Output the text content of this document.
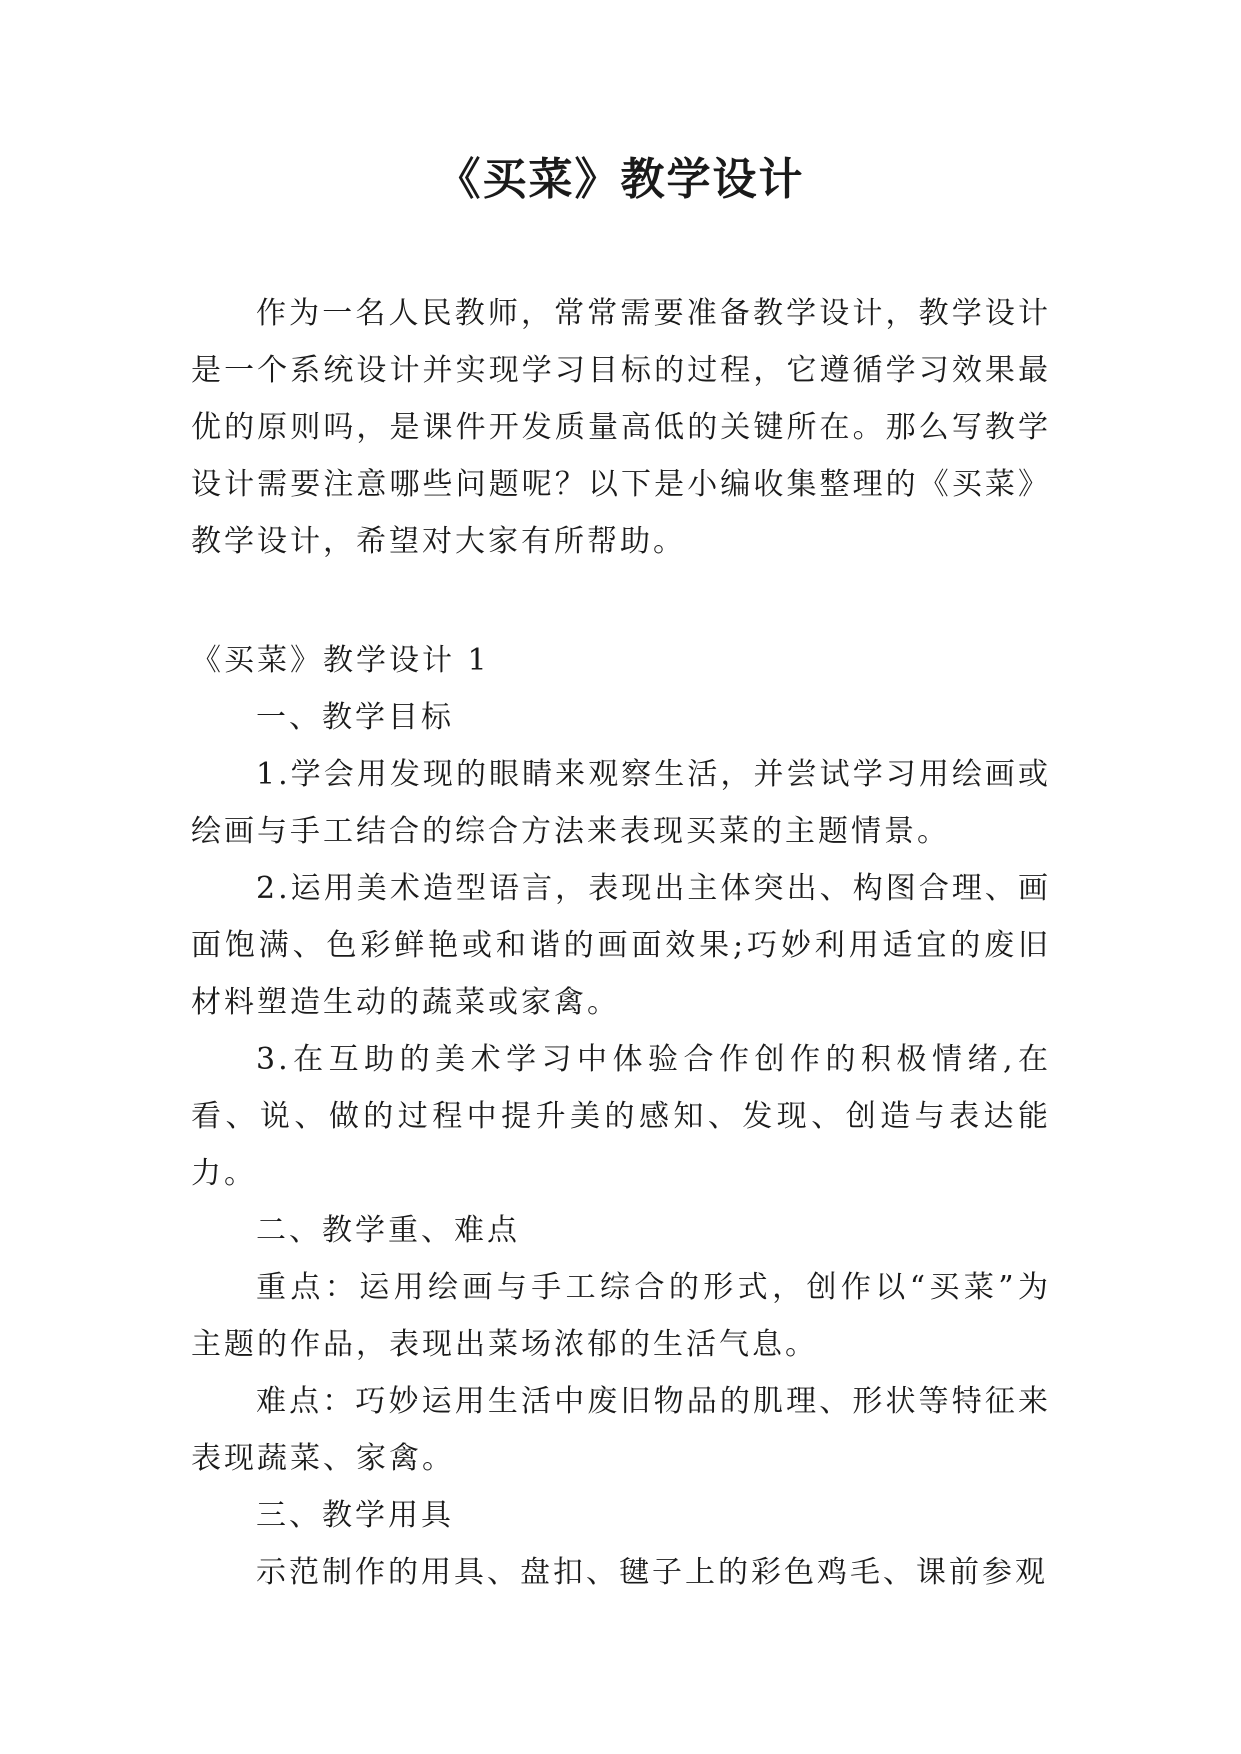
《买菜》教学设计

作为一名人民教师，常常需要准备教学设计，教学设计是一个系统设计并实现学习目标的过程，它遵循学习效果最优的原则吗，是课件开发质量高低的关键所在。那么写教学设计需要注意哪些问题呢？以下是小编收集整理的《买菜》教学设计，希望对大家有所帮助。

《买菜》教学设计 1

一、教学目标

1.学会用发现的眼睛来观察生活，并尝试学习用绘画或绘画与手工结合的综合方法来表现买菜的主题情景。

2.运用美术造型语言，表现出主体突出、构图合理、画面饱满、色彩鲜艳或和谐的画面效果;巧妙利用适宜的废旧材料塑造生动的蔬菜或家禽。

3.在互助的美术学习中体验合作创作的积极情绪,在看、说、做的过程中提升美的感知、发现、创造与表达能力。

二、教学重、难点

重点：运用绘画与手工综合的形式，创作以“买菜”为主题的作品，表现出菜场浓郁的生活气息。

难点：巧妙运用生活中废旧物品的肌理、形状等特征来表现蔬菜、家禽。

三、教学用具

示范制作的用具、盘扣、毽子上的彩色鸡毛、课前参观
